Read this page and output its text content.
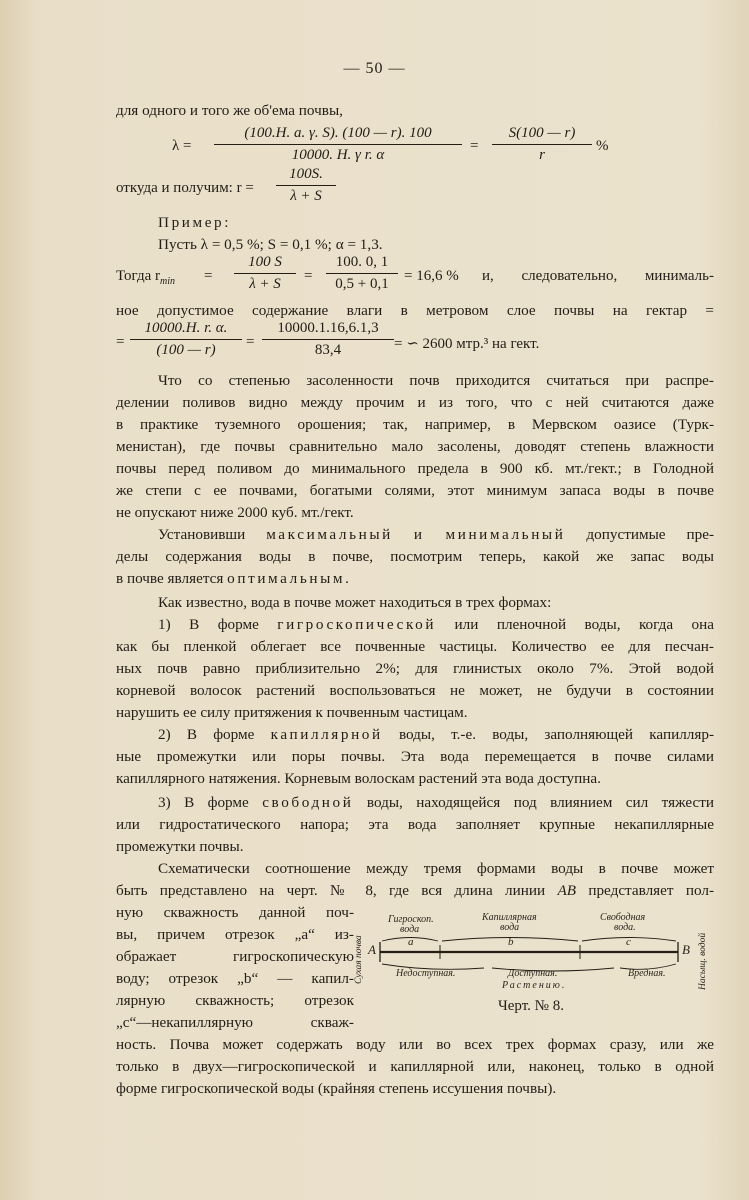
— 50 —
для одного и того же об'ема почвы,
$\lambda = \frac{(100.H. a. \gamma. S). (100 — r). 100}{\text{10000. H. γ r. α}} = \frac{S(100 — r)}{r}$ %
откуда и получим: $r = \frac{100S.}{\lambda + S}$
Пример:
Пусть λ = 0,5 %; S = 0,1 %; α = 1,3.
Тогда $r_{min} = \frac{100 S}{\lambda + S} = \frac{100. 0, 1}{0,5 + 0,1} = 16,6$ % и, следовательно, минималь-
ное допустимое содержание влаги в метровом слое почвы на гектар =
= $\frac{10000.H. r. \alpha.}{(100 — r)} = \frac{10000.1.16,6.1,3}{83,4}$ = ∽ 2600 мтр.³ на гект.
Что со степенью засоленности почв приходится считаться при распре-
делении поливов видно между прочим и из того, что с ней считаются даже
в практике туземного орошения; так, например, в Мервском оазисе (Турк-
менистан), где почвы сравнительно мало засолены, доводят степень влажности
почвы перед поливом до минимального предела в 900 кб. мт./гект.; в Голодной
же степи с ее почвами, богатыми солями, этот минимум запаса воды в почве
не опускают ниже 2000 куб. мт./гект.
Установивши максимальный и минимальный допустимые пре-
делы содержания воды в почве, посмотрим теперь, какой же запас воды
в почве является оптимальным.
Как известно, вода в почве может находиться в трех формах:
1) В форме гигроскопической или пленочной воды, когда она
как бы пленкой облегает все почвенные частицы. Количество ее для песчан-
ных почв равно приблизительно 2%; для глинистых около 7%. Этой водой
корневой волосок растений воспользоваться не может, не будучи в состоянии
нарушить ее силу притяжения к почвенным частицам.
2) В форме капиллярной воды, т.-е. воды, заполняющей капилляр-
ные промежутки или поры почвы. Эта вода перемещается в почве силами
капиллярного натяжения. Корневым волоскам растений эта вода доступна.
3) В форме свободной воды, находящейся под влиянием сил тяжести
или гидростатического напора; эта вода заполняет крупные некапиллярные
промежутки почвы.
Схематически соотношение между тремя формами воды в почве может
быть представлено на черт. № 8, где вся длина линии AB представляет пол-
ную скважность данной поч-
вы, причем отрезок „a“ из-
ображает гигроскопическую
воду; отрезок „b“ — капил-
лярную скважность; отрезок
„c“—некапиллярную скваж-
ность. Почва может содержать воду или во всех трех формах сразу, или же
только в двух—гигроскопической и капиллярной или, наконец, только в одной
форме гигроскопической воды (крайняя степень иссушения почвы).
Гигроскоп.
вода
Капиллярная
вода
Свободная
вода.
A	B
a	b	c
Сухая почва	Насыщ. водой
Недоступная.	Доступная.	Вредная.
Растению.
Черт. № 8.
